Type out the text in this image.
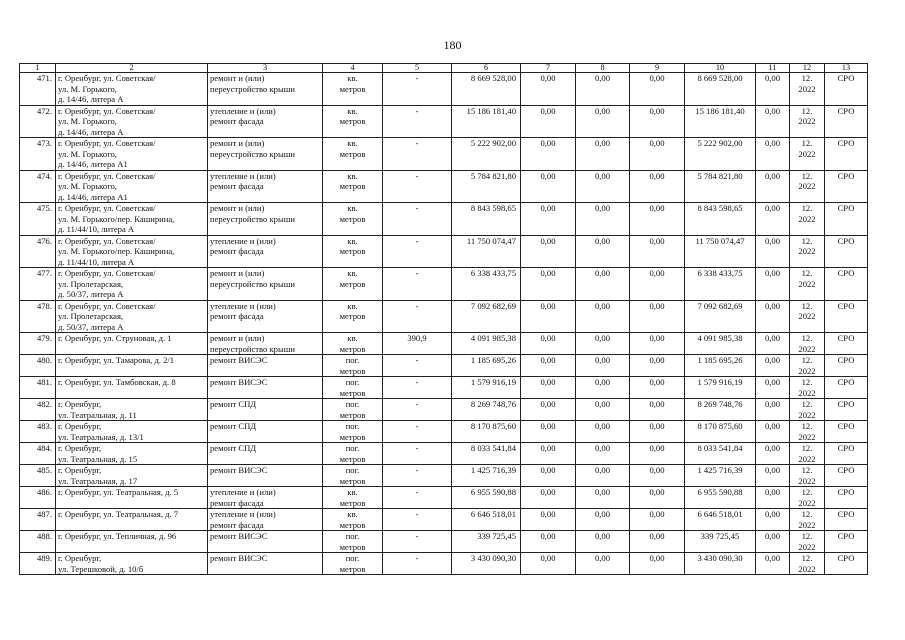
180
1	2	3	4	5	6	7	8	9	10	11	12	13
471.	г. Оренбург, ул. Советская/
ул. М. Горького,
д. 14/46, литера А	ремонт и (или)
переустройство крыши	кв.
метров	-	8 669 528,00	0,00	0,00	0,00	8 669 528,00	0,00	12.
2022	СРО
472.	г. Оренбург, ул. Советская/
ул. М. Горького,
д. 14/46, литера А	утепление и (или)
ремонт фасада	кв.
метров	-	15 186 181,40	0,00	0,00	0,00	15 186 181,40	0,00	12.
2022	СРО
473.	г. Оренбург, ул. Советская/
ул. М. Горького,
д. 14/46, литера А1	ремонт и (или)
переустройство крыши	кв.
метров	-	5 222 902,00	0,00	0,00	0,00	5 222 902,00	0,00	12.
2022	СРО
474.	г. Оренбург, ул. Советская/
ул. М. Горького,
д. 14/46, литера А1	утепление и (или)
ремонт фасада	кв.
метров	-	5 784 821,80	0,00	0,00	0,00	5 784 821,80	0,00	12.
2022	СРО
475.	г. Оренбург, ул. Советская/
ул. М. Горького/пер. Каширина,
д. 11/44/10, литера А	ремонт и (или)
переустройство крыши	кв.
метров	-	8 843 598,65	0,00	0,00	0,00	8 843 598,65	0,00	12.
2022	СРО
476.	г. Оренбург, ул. Советская/
ул. М. Горького/пер. Каширина,
д. 11/44/10, литера А	утепление и (или)
ремонт фасада	кв.
метров	-	11 750 074,47	0,00	0,00	0,00	11 750 074,47	0,00	12.
2022	СРО
477.	г. Оренбург, ул. Советская/
ул. Пролетарская,
д. 50/37, литера А	ремонт и (или)
переустройство крыши	кв.
метров	-	6 338 433,75	0,00	0,00	0,00	6 338 433,75	0,00	12.
2022	СРО
478.	г. Оренбург, ул. Советская/
ул. Пролетарская,
д. 50/37, литера А	утепление и (или)
ремонт фасада	кв.
метров	-	7 092 682,69	0,00	0,00	0,00	7 092 682,69	0,00	12.
2022	СРО
479.	г. Оренбург, ул. Струновая, д. 1	ремонт и (или)
переустройство крыши	кв.
метров	390,9	4 091 985,38	0,00	0,00	0,00	4 091 985,38	0,00	12.
2022	СРО
480.	г. Оренбург, ул. Тамарова, д. 2/1	ремонт ВИСЭС	пог.
метров	-	1 185 695,26	0,00	0,00	0,00	1 185 695,26	0,00	12.
2022	СРО
481.	г. Оренбург, ул. Тамбовская, д. 8	ремонт ВИСЭС	пог.
метров	-	1 579 916,19	0,00	0,00	0,00	1 579 916,19	0,00	12.
2022	СРО
482.	г. Оренбург,
ул. Театральная, д. 11	ремонт СПД	пог.
метров	-	8 269 748,76	0,00	0,00	0,00	8 269 748,76	0,00	12.
2022	СРО
483.	г. Оренбург,
ул. Театральная, д. 13/1	ремонт СПД	пог.
метров	-	8 170 875,60	0,00	0,00	0,00	8 170 875,60	0,00	12.
2022	СРО
484.	г. Оренбург,
ул. Театральная, д. 15	ремонт СПД	пог.
метров	-	8 033 541,84	0,00	0,00	0,00	8 033 541,84	0,00	12.
2022	СРО
485.	г. Оренбург,
ул. Театральная, д. 17	ремонт ВИСЭС	пог.
метров	-	1 425 716,39	0,00	0,00	0,00	1 425 716,39	0,00	12.
2022	СРО
486.	г. Оренбург, ул. Театральная, д. 5	утепление и (или)
ремонт фасада	кв.
метров	-	6 955 590,88	0,00	0,00	0,00	6 955 590,88	0,00	12.
2022	СРО
487.	г. Оренбург, ул. Театральная, д. 7	утепление и (или)
ремонт фасада	кв.
метров	-	6 646 518,01	0,00	0,00	0,00	6 646 518,01	0,00	12.
2022	СРО
488.	г. Оренбург, ул. Тепличная, д. 96	ремонт ВИСЭС	пог.
метров	-	339 725,45	0,00	0,00	0,00	339 725,45	0,00	12.
2022	СРО
489.	г. Оренбург,
ул. Терешковой, д. 10/б	ремонт ВИСЭС	пог.
метров	-	3 430 090,30	0,00	0,00	0,00	3 430 090,30	0,00	12.
2022	СРО
